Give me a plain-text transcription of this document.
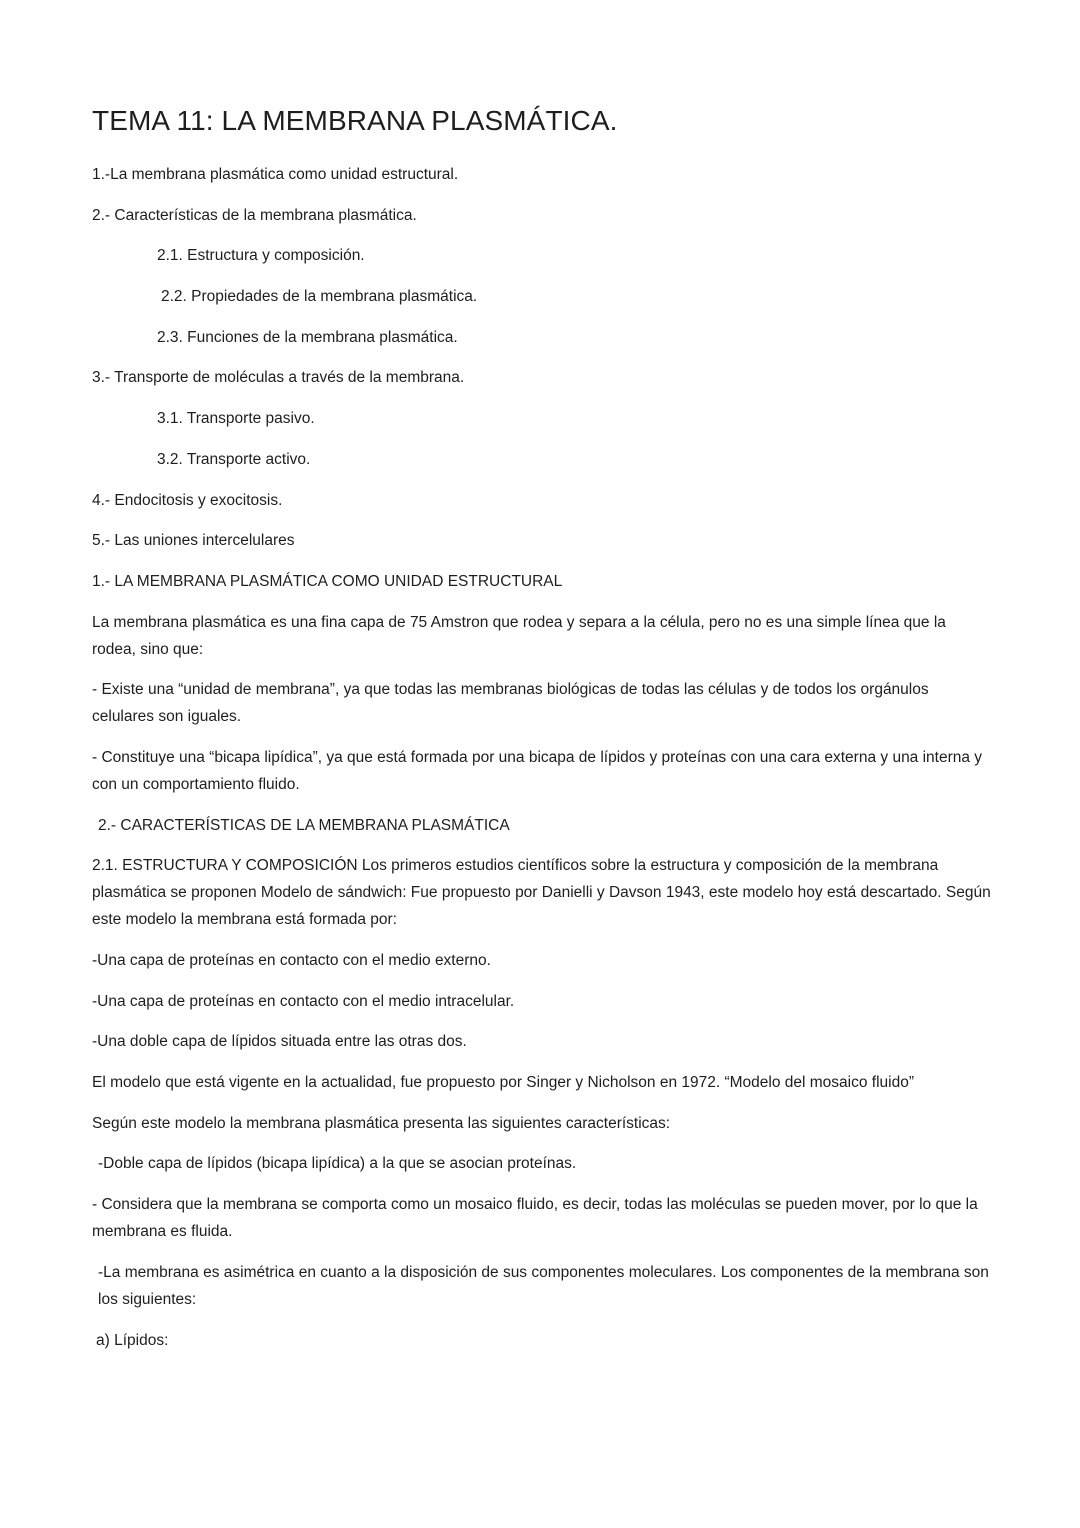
TEMA 11: LA MEMBRANA PLASMÁTICA.
1.-La membrana plasmática como unidad estructural.
2.- Características de la membrana plasmática.
2.1. Estructura y composición.
2.2. Propiedades de la membrana plasmática.
2.3. Funciones de la membrana plasmática.
3.- Transporte de moléculas a través de la membrana.
3.1. Transporte pasivo.
3.2. Transporte activo.
4.- Endocitosis y exocitosis.
5.- Las uniones intercelulares
1.- LA MEMBRANA PLASMÁTICA COMO UNIDAD ESTRUCTURAL
La membrana plasmática es una fina capa de 75 Amstron que rodea y separa a la célula, pero no es una simple línea que la rodea, sino que:
- Existe una “unidad de membrana”, ya que todas las membranas biológicas de todas las células y de todos los orgánulos celulares son iguales.
- Constituye una “bicapa lipídica”, ya que está formada por una bicapa de lípidos y proteínas con una cara externa y una interna y con un comportamiento fluido.
2.- CARACTERÍSTICAS DE LA MEMBRANA PLASMÁTICA
2.1. ESTRUCTURA Y COMPOSICIÓN Los primeros estudios científicos sobre la estructura y composición de la membrana plasmática se proponen Modelo de sándwich: Fue propuesto por Danielli y Davson 1943, este modelo hoy está descartado. Según este modelo la membrana está formada por:
-Una capa de proteínas en contacto con el medio externo.
-Una capa de proteínas en contacto con el medio intracelular.
-Una doble capa de lípidos situada entre las otras dos.
El modelo que está vigente en la actualidad, fue propuesto por Singer y Nicholson en 1972. “Modelo del mosaico fluido”
Según este modelo la membrana plasmática presenta las siguientes características:
-Doble capa de lípidos (bicapa lipídica) a la que se asocian proteínas.
- Considera que la membrana se comporta como un mosaico fluido, es decir, todas las moléculas se pueden mover, por lo que la membrana es fluida.
-La membrana es asimétrica en cuanto a la disposición de sus componentes moleculares. Los componentes de la membrana son los siguientes:
a) Lípidos:
